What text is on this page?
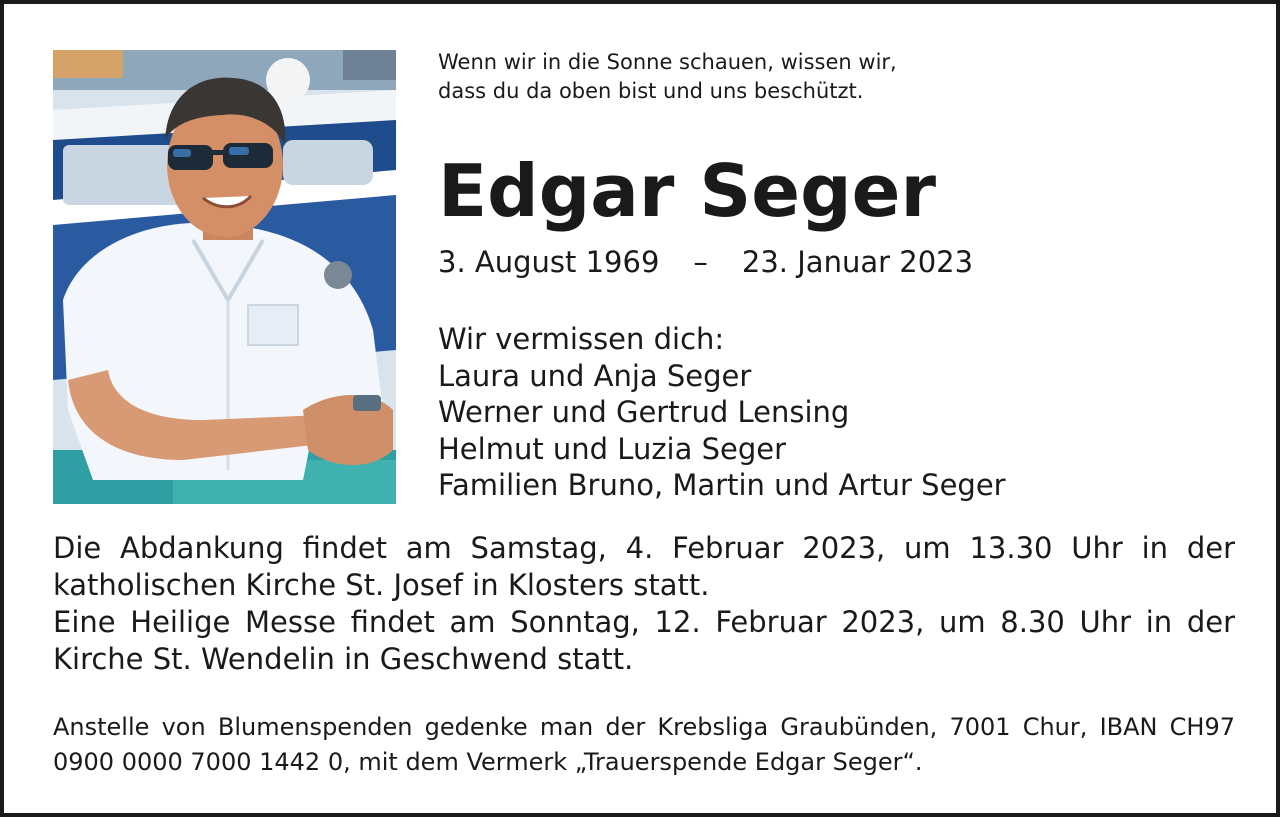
Wenn wir in die Sonne schauen, wissen wir,
dass du da oben bist und uns beschützt.
Edgar Seger
3. August 1969 – 23. Januar 2023
Wir vermissen dich:
Laura und Anja Seger
Werner und Gertrud Lensing
Helmut und Luzia Seger
Familien Bruno, Martin und Artur Seger

Die Abdankung findet am Samstag, 4. Februar 2023, um 13.30 Uhr in der katholischen Kirche St. Josef in Klosters statt.

Eine Heilige Messe findet am Sonntag, 12. Februar 2023, um 8.30 Uhr in der Kirche St. Wendelin in Geschwend statt.

Anstelle von Blumenspenden gedenke man der Krebsliga Graubünden, 7001 Chur, IBAN CH97 0900 0000 7000 1442 0, mit dem Vermerk „Trauerspende Edgar Seger“.
